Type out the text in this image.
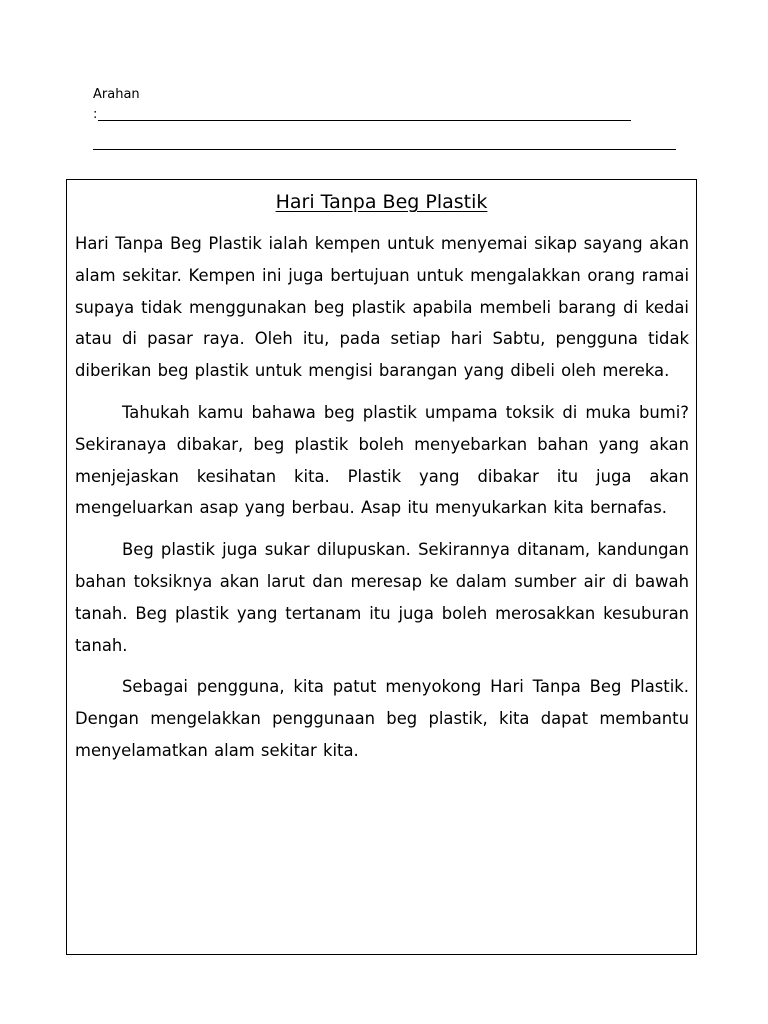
Arahan
:
Hari Tanpa Beg Plastik

Hari Tanpa Beg Plastik ialah kempen untuk menyemai sikap sayang akan alam sekitar. Kempen ini juga bertujuan untuk mengalakkan orang ramai supaya tidak menggunakan beg plastik apabila membeli barang di kedai atau di pasar raya. Oleh itu, pada setiap hari Sabtu, pengguna tidak diberikan beg plastik untuk mengisi barangan yang dibeli oleh mereka.

Tahukah kamu bahawa beg plastik umpama toksik di muka bumi? Sekiranaya dibakar, beg plastik boleh menyebarkan bahan yang akan menjejaskan kesihatan kita. Plastik yang dibakar itu juga akan mengeluarkan asap yang berbau. Asap itu menyukarkan kita bernafas.

Beg plastik juga sukar dilupuskan. Sekirannya ditanam, kandungan bahan toksiknya akan larut dan meresap ke dalam sumber air di bawah tanah. Beg plastik yang tertanam itu juga boleh merosakkan kesuburan tanah.

Sebagai pengguna, kita patut menyokong Hari Tanpa Beg Plastik. Dengan mengelakkan penggunaan beg plastik, kita dapat membantu menyelamatkan alam sekitar kita.
